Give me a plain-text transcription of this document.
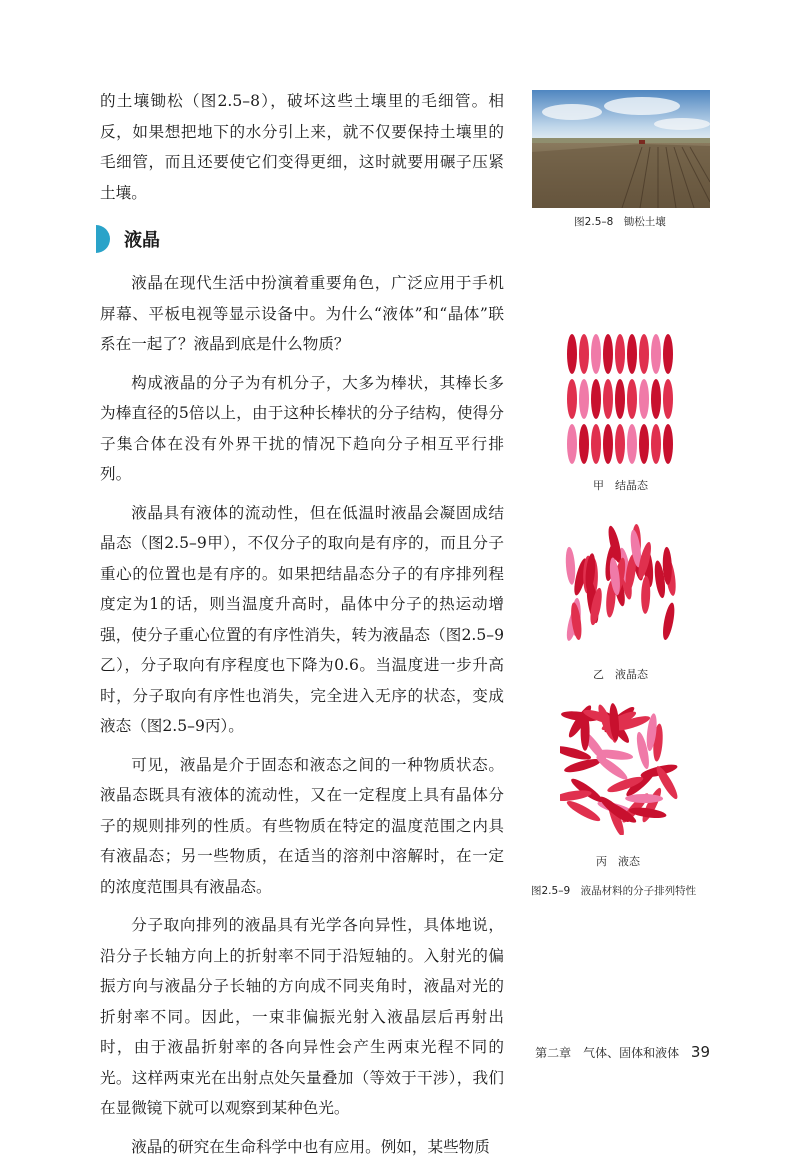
的土壤锄松（图2.5–8），破坏这些土壤里的毛细管。相反，如果想把地下的水分引上来，就不仅要保持土壤里的毛细管，而且还要使它们变得更细，这时就要用碾子压紧土壤。

液晶

液晶在现代生活中扮演着重要角色，广泛应用于手机屏幕、平板电视等显示设备中。为什么“液体”和“晶体”联系在一起了？液晶到底是什么物质？

构成液晶的分子为有机分子，大多为棒状，其棒长多为棒直径的5倍以上，由于这种长棒状的分子结构，使得分子集合体在没有外界干扰的情况下趋向分子相互平行排列。

液晶具有液体的流动性，但在低温时液晶会凝固成结晶态（图2.5–9甲），不仅分子的取向是有序的，而且分子重心的位置也是有序的。如果把结晶态分子的有序排列程度定为1的话，则当温度升高时，晶体中分子的热运动增强，使分子重心位置的有序性消失，转为液晶态（图2.5–9乙），分子取向有序程度也下降为0.6。当温度进一步升高时，分子取向有序性也消失，完全进入无序的状态，变成液态（图2.5–9丙）。

可见，液晶是介于固态和液态之间的一种物质状态。液晶态既具有液体的流动性，又在一定程度上具有晶体分子的规则排列的性质。有些物质在特定的温度范围之内具有液晶态；另一些物质，在适当的溶剂中溶解时，在一定的浓度范围具有液晶态。

分子取向排列的液晶具有光学各向异性，具体地说，沿分子长轴方向上的折射率不同于沿短轴的。入射光的偏振方向与液晶分子长轴的方向成不同夹角时，液晶对光的折射率不同。因此，一束非偏振光射入液晶层后再射出时，由于液晶折射率的各向异性会产生两束光程不同的光。这样两束光在出射点处矢量叠加（等效于干涉），我们在显微镜下就可以观察到某种色光。

液晶的研究在生命科学中也有应用。例如，某些物质

图2.5–8　锄松土壤
甲　结晶态
乙　液晶态
丙　液态
图2.5–9　液晶材料的分子排列特性
第二章　气体、固体和液体 39
